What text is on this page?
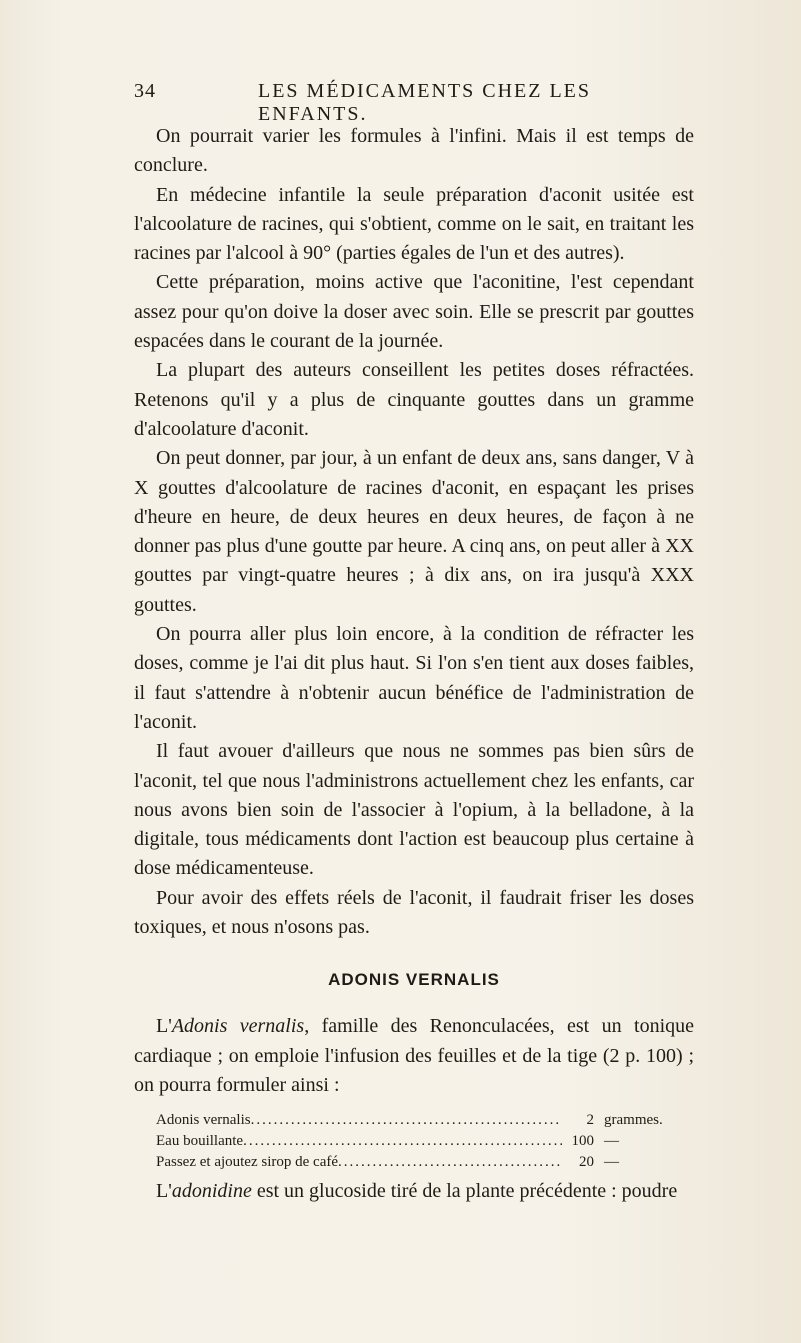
34	LES MÉDICAMENTS CHEZ LES ENFANTS.

On pourrait varier les formules à l'infini. Mais il est temps de conclure.

En médecine infantile la seule préparation d'aconit usitée est l'alcoolature de racines, qui s'obtient, comme on le sait, en traitant les racines par l'alcool à 90° (parties égales de l'un et des autres).

Cette préparation, moins active que l'aconitine, l'est cependant assez pour qu'on doive la doser avec soin. Elle se prescrit par gouttes espacées dans le courant de la journée.

La plupart des auteurs conseillent les petites doses réfractées. Retenons qu'il y a plus de cinquante gouttes dans un gramme d'alcoolature d'aconit.

On peut donner, par jour, à un enfant de deux ans, sans danger, V à X gouttes d'alcoolature de racines d'aconit, en espaçant les prises d'heure en heure, de deux heures en deux heures, de façon à ne donner pas plus d'une goutte par heure. A cinq ans, on peut aller à XX gouttes par vingt-quatre heures ; à dix ans, on ira jusqu'à XXX gouttes.

On pourra aller plus loin encore, à la condition de réfracter les doses, comme je l'ai dit plus haut. Si l'on s'en tient aux doses faibles, il faut s'attendre à n'obtenir aucun bénéfice de l'administration de l'aconit.

Il faut avouer d'ailleurs que nous ne sommes pas bien sûrs de l'aconit, tel que nous l'administrons actuellement chez les enfants, car nous avons bien soin de l'associer à l'opium, à la belladone, à la digitale, tous médicaments dont l'action est beaucoup plus certaine à dose médicamenteuse.

Pour avoir des effets réels de l'aconit, il faudrait friser les doses toxiques, et nous n'osons pas.

ADONIS VERNALIS

L'Adonis vernalis, famille des Renonculacées, est un tonique cardiaque ; on emploie l'infusion des feuilles et de la tige (2 p. 100) ; on pourra formuler ainsi :

Adonis vernalis .....	2 grammes.
Eau bouillante .....	100 —
Passez et ajoutez sirop de café .....	20 —

L'adonidine est un glucoside tiré de la plante précédente : poudre
